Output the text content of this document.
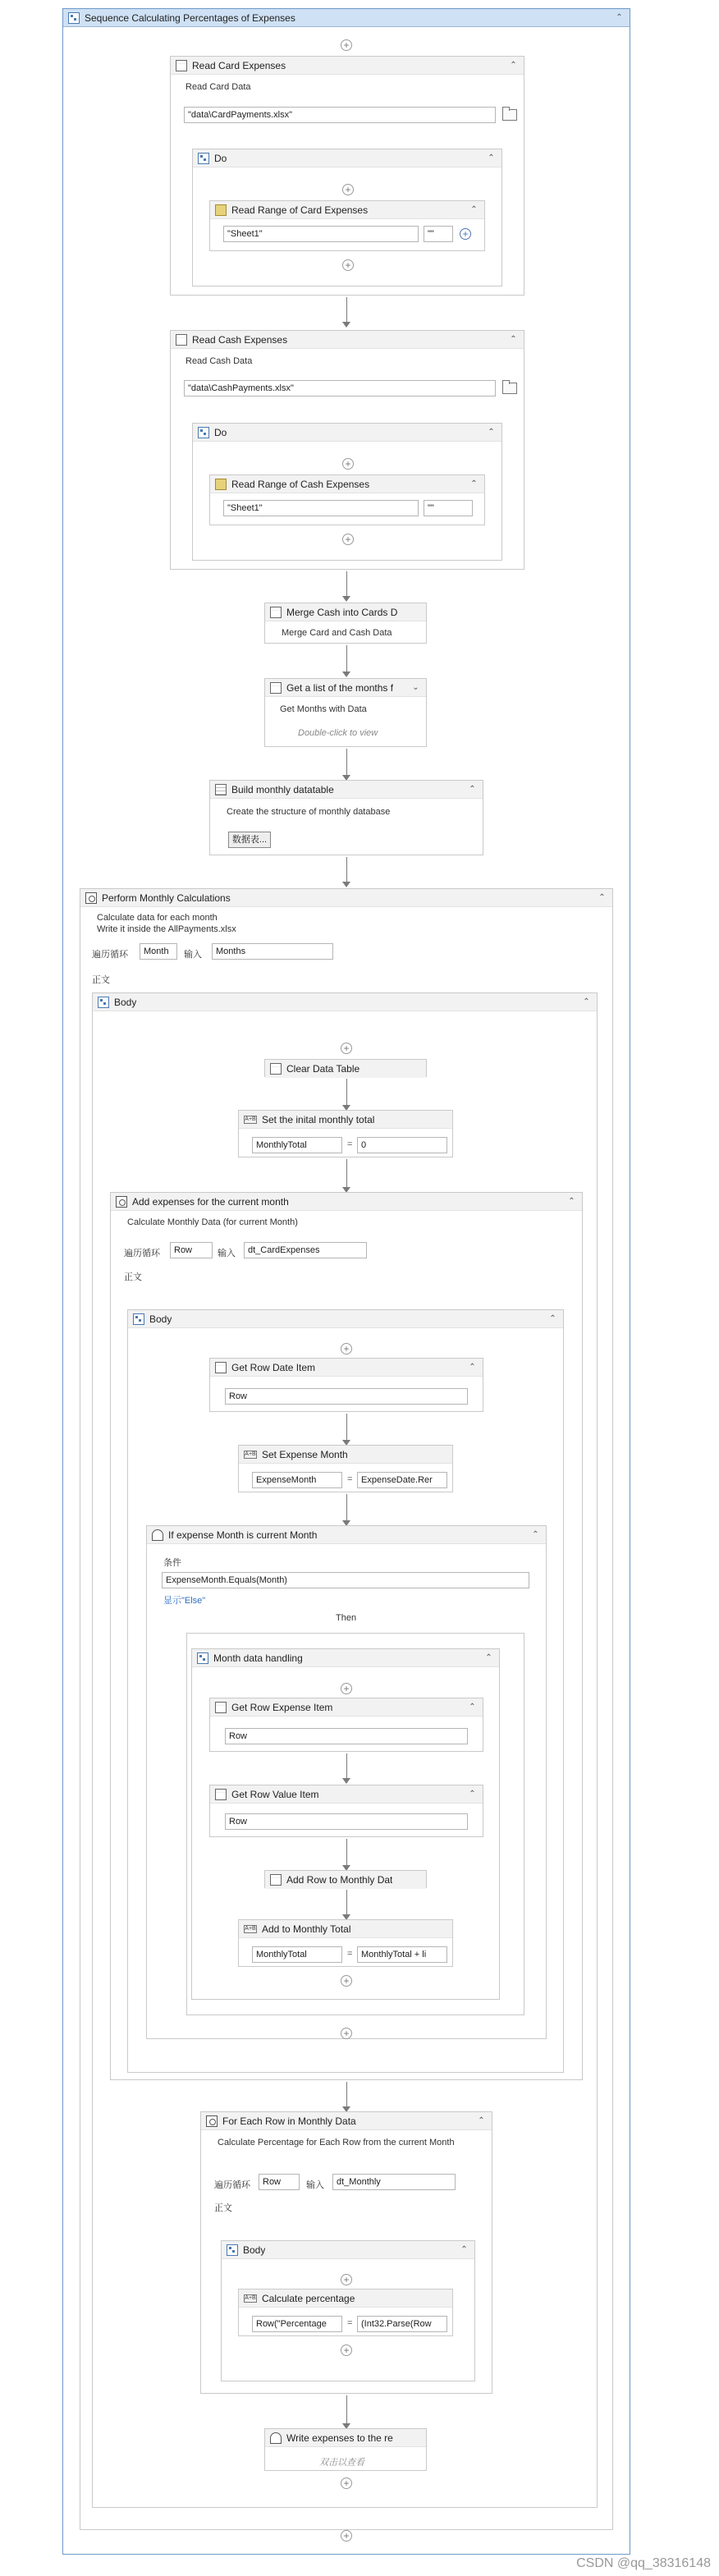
Sequence Calculating Percentages of Expenses	⌃
+
Read Card Expenses	⌃
Read Card Data
"data\CardPayments.xlsx"
Do	⌃
+
Read Range of Card Expenses	⌃
"Sheet1"	""	+
+
Read Cash Expenses	⌃
Read Cash Data
"data\CashPayments.xlsx"
Do	⌃
+
Read Range of Cash Expenses	⌃
"Sheet1"	""
+
Merge Cash into Cards D
Merge Card and Cash Data
Get a list of the months f ⌄
Get Months with Data
Double-click to view
Build monthly datatable	⌃
Create the structure of monthly database
数据表...
Perform Monthly Calculations	⌃
Calculate data for each month
Write it inside the AllPayments.xlsx
遍历循环	Month	输入	Months
正文
Body	⌃
+
Clear Data Table
A+B Set the inital monthly total
MonthlyTotal	= 0
Add expenses for the current month	⌃
Calculate Monthly Data (for current Month)
遍历循环	Row	输入	dt_CardExpenses
正文
Body	⌃
+
Get Row Date Item	⌃
Row
A+B Set Expense Month
ExpenseMonth	= ExpenseDate.Rer
If expense Month is current Month	⌃
条件
ExpenseMonth.Equals(Month)
显示"Else"
Then
Month data handling	⌃
+
Get Row Expense Item	⌃
Row
Get Row Value Item	⌃
Row
Add Row to Monthly Dat
A+B Add to Monthly Total
MonthlyTotal	= MonthlyTotal + li
+
+
For Each Row in Monthly Data	⌃
Calculate Percentage for Each Row from the current Month
遍历循环	Row	输入	dt_Monthly
正文
Body	⌃
+
A+B Calculate percentage
Row("Percentage	= (Int32.Parse(Row
+
Write expenses to the re
双击以查看
+
+
CSDN @qq_38316148
